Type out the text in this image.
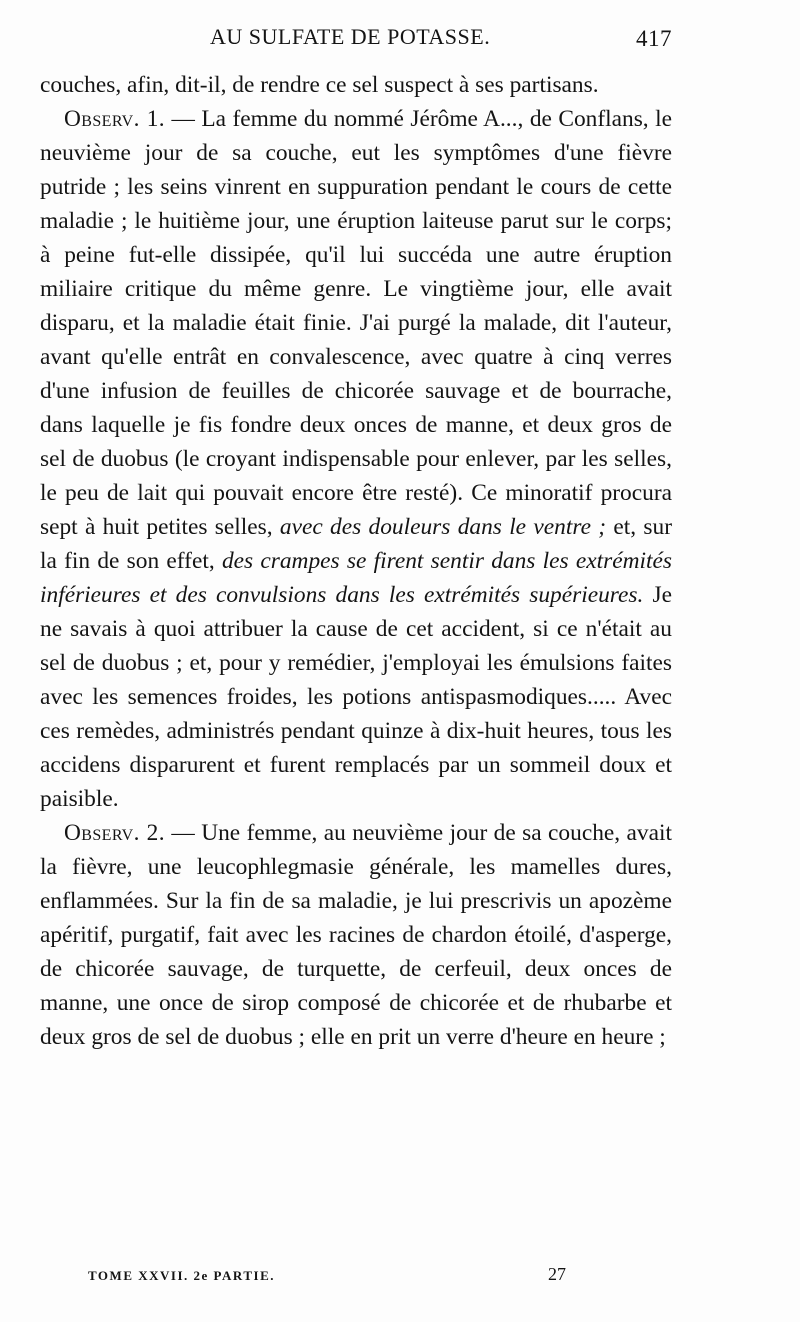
AU SULFATE DE POTASSE.	417

couches, afin, dit-il, de rendre ce sel suspect à ses partisans.

Observ. 1. — La femme du nommé Jérôme A..., de Conflans, le neuvième jour de sa couche, eut les symptômes d'une fièvre putride ; les seins vinrent en suppuration pendant le cours de cette maladie ; le huitième jour, une éruption laiteuse parut sur le corps; à peine fut-elle dissipée, qu'il lui succéda une autre éruption miliaire critique du même genre. Le vingtième jour, elle avait disparu, et la maladie était finie. J'ai purgé la malade, dit l'auteur, avant qu'elle entrât en convalescence, avec quatre à cinq verres d'une infusion de feuilles de chicorée sauvage et de bourrache, dans laquelle je fis fondre deux onces de manne, et deux gros de sel de duobus (le croyant indispensable pour enlever, par les selles, le peu de lait qui pouvait encore être resté). Ce minoratif procura sept à huit petites selles, avec des douleurs dans le ventre ; et, sur la fin de son effet, des crampes se firent sentir dans les extrémités inférieures et des convulsions dans les extrémités supérieures. Je ne savais à quoi attribuer la cause de cet accident, si ce n'était au sel de duobus ; et, pour y remédier, j'employai les émulsions faites avec les semences froides, les potions antispasmodiques..... Avec ces remèdes, administrés pendant quinze à dix-huit heures, tous les accidens disparurent et furent remplacés par un sommeil doux et paisible.

Observ. 2. — Une femme, au neuvième jour de sa couche, avait la fièvre, une leucophlegmasie générale, les mamelles dures, enflammées. Sur la fin de sa maladie, je lui prescrivis un apozème apéritif, purgatif, fait avec les racines de chardon étoilé, d'asperge, de chicorée sauvage, de turquette, de cerfeuil, deux onces de manne, une once de sirop composé de chicorée et de rhubarbe et deux gros de sel de duobus ; elle en prit un verre d'heure en heure ;

TOME XXVII. 2e PARTIE.	27
